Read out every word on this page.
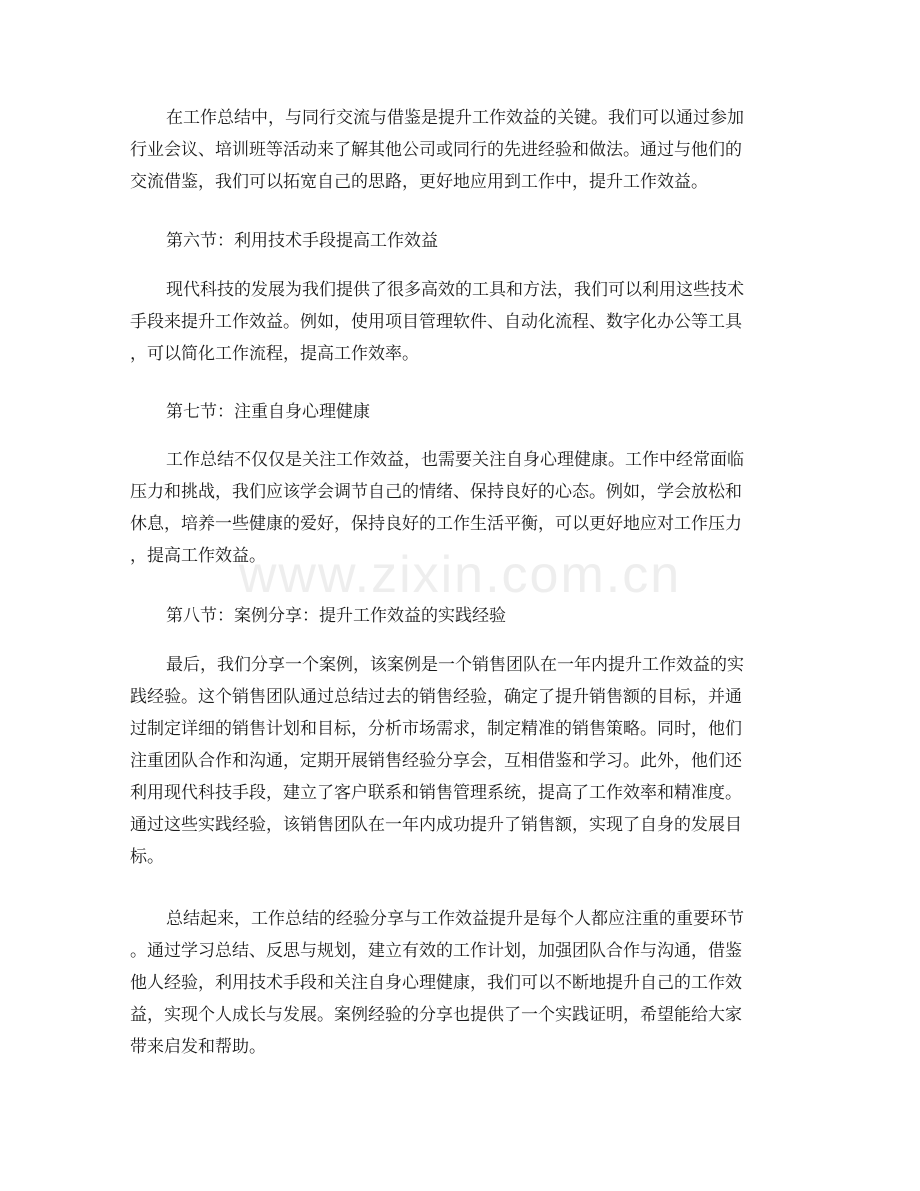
在工作总结中，与同行交流与借鉴是提升工作效益的关键。我们可以通过参加
行业会议、培训班等活动来了解其他公司或同行的先进经验和做法。通过与他们的
交流借鉴，我们可以拓宽自己的思路，更好地应用到工作中，提升工作效益。
第六节：利用技术手段提高工作效益
现代科技的发展为我们提供了很多高效的工具和方法，我们可以利用这些技术
手段来提升工作效益。例如，使用项目管理软件、自动化流程、数字化办公等工具
，可以简化工作流程，提高工作效率。
第七节：注重自身心理健康
工作总结不仅仅是关注工作效益，也需要关注自身心理健康。工作中经常面临
压力和挑战，我们应该学会调节自己的情绪、保持良好的心态。例如，学会放松和
休息，培养一些健康的爱好，保持良好的工作生活平衡，可以更好地应对工作压力
，提高工作效益。
第八节：案例分享：提升工作效益的实践经验
最后，我们分享一个案例，该案例是一个销售团队在一年内提升工作效益的实
践经验。这个销售团队通过总结过去的销售经验，确定了提升销售额的目标，并通
过制定详细的销售计划和目标，分析市场需求，制定精准的销售策略。同时，他们
注重团队合作和沟通，定期开展销售经验分享会，互相借鉴和学习。此外，他们还
利用现代科技手段，建立了客户联系和销售管理系统，提高了工作效率和精准度。
通过这些实践经验，该销售团队在一年内成功提升了销售额，实现了自身的发展目
标。
总结起来，工作总结的经验分享与工作效益提升是每个人都应注重的重要环节
。通过学习总结、反思与规划，建立有效的工作计划，加强团队合作与沟通，借鉴
他人经验，利用技术手段和关注自身心理健康，我们可以不断地提升自己的工作效
益，实现个人成长与发展。案例经验的分享也提供了一个实践证明，希望能给大家
带来启发和帮助。
www.zixin.com.cn
